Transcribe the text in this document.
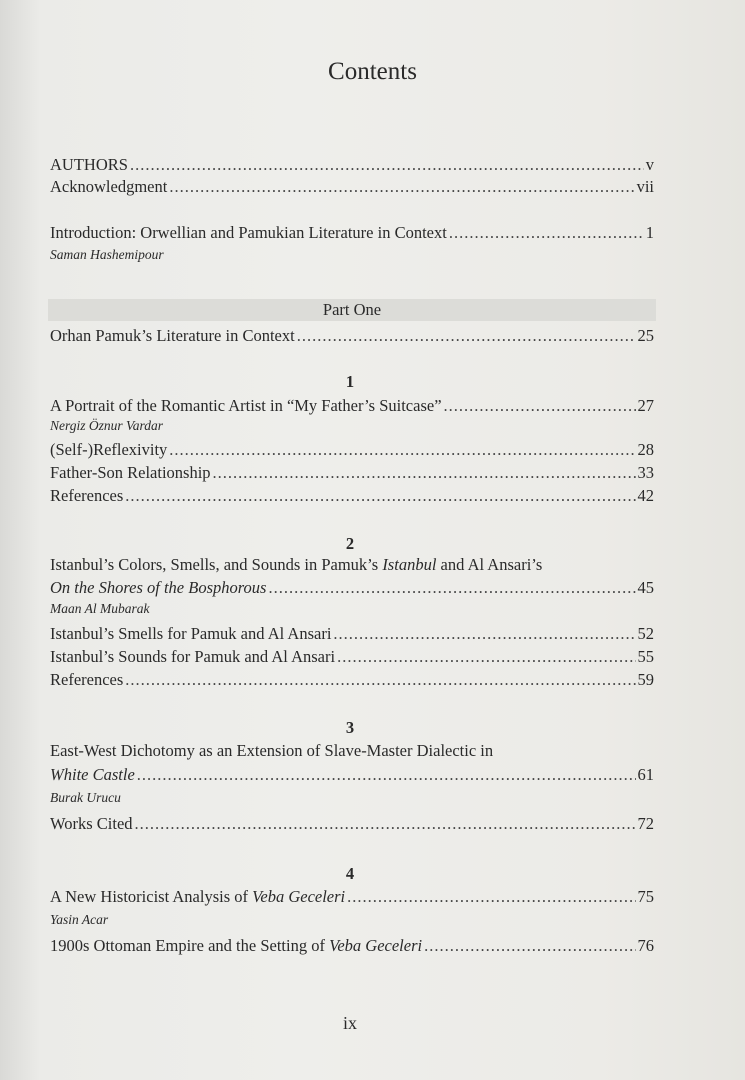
Contents
AUTHORS .....	v
Acknowledgment .....	vii
Introduction: Orwellian and Pamukian Literature in Context .....	1
Saman Hashemipour
Part One
Orhan Pamuk’s Literature in Context .....	25
1
A Portrait of the Romantic Artist in “My Father’s Suitcase” .....	27
Nergiz Öznur Vardar
(Self-)Reflexivity .....	28
Father-Son Relationship .....	33
References .....	42
2
Istanbul’s Colors, Smells, and Sounds in Pamuk’s Istanbul and Al Ansari’s
On the Shores of the Bosphorous .....	45
Maan Al Mubarak
Istanbul’s Smells for Pamuk and Al Ansari .....	52
Istanbul’s Sounds for Pamuk and Al Ansari .....	55
References .....	59
3
East-West Dichotomy as an Extension of Slave-Master Dialectic in
White Castle .....	61
Burak Urucu
Works Cited .....	72
4
A New Historicist Analysis of Veba Geceleri .....	75
Yasin Acar
1900s Ottoman Empire and the Setting of Veba Geceleri .....	76
ix
